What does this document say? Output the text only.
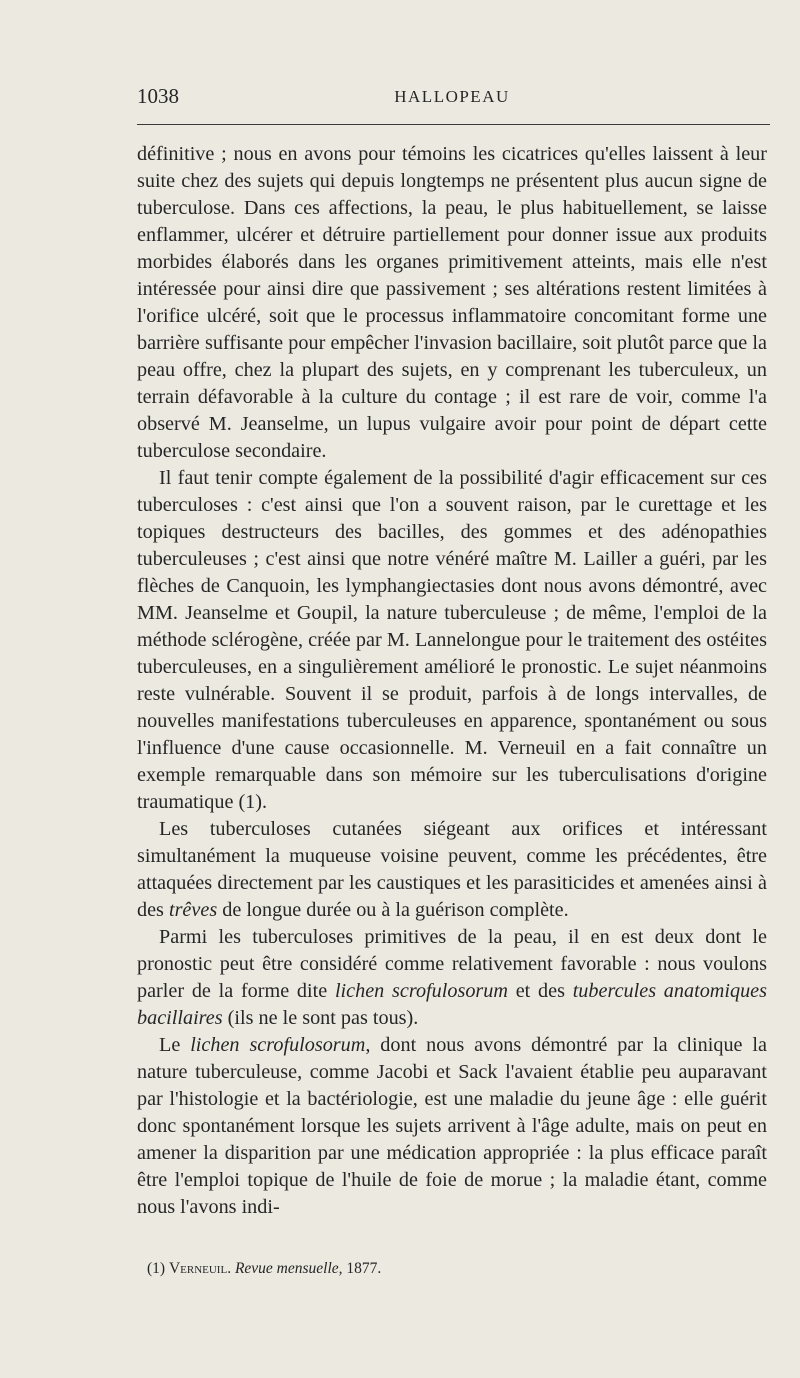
1038	HALLOPEAU

définitive ; nous en avons pour témoins les cicatrices qu'elles laissent à leur suite chez des sujets qui depuis longtemps ne présentent plus aucun signe de tuberculose. Dans ces affections, la peau, le plus habituellement, se laisse enflammer, ulcérer et détruire partiellement pour donner issue aux produits morbides élaborés dans les organes primitivement atteints, mais elle n'est intéressée pour ainsi dire que passivement ; ses altérations restent limitées à l'orifice ulcéré, soit que le processus inflammatoire concomitant forme une barrière suffisante pour empêcher l'invasion bacillaire, soit plutôt parce que la peau offre, chez la plupart des sujets, en y comprenant les tuberculeux, un terrain défavorable à la culture du contage ; il est rare de voir, comme l'a observé M. Jeanselme, un lupus vulgaire avoir pour point de départ cette tuberculose secondaire.

Il faut tenir compte également de la possibilité d'agir efficacement sur ces tuberculoses : c'est ainsi que l'on a souvent raison, par le curettage et les topiques destructeurs des bacilles, des gommes et des adénopathies tuberculeuses ; c'est ainsi que notre vénéré maître M. Lailler a guéri, par les flèches de Canquoin, les lymphangiectasies dont nous avons démontré, avec MM. Jeanselme et Goupil, la nature tuberculeuse ; de même, l'emploi de la méthode sclérogène, créée par M. Lannelongue pour le traitement des ostéites tuberculeuses, en a singulièrement amélioré le pronostic. Le sujet néanmoins reste vulnérable. Souvent il se produit, parfois à de longs intervalles, de nouvelles manifestations tuberculeuses en apparence, spontanément ou sous l'influence d'une cause occasionnelle. M. Verneuil en a fait connaître un exemple remarquable dans son mémoire sur les tuberculisations d'origine traumatique (1).

Les tuberculoses cutanées siégeant aux orifices et intéressant simultanément la muqueuse voisine peuvent, comme les précédentes, être attaquées directement par les caustiques et les parasiticides et amenées ainsi à des trêves de longue durée ou à la guérison complète.

Parmi les tuberculoses primitives de la peau, il en est deux dont le pronostic peut être considéré comme relativement favorable : nous voulons parler de la forme dite lichen scrofulosorum et des tubercules anatomiques bacillaires (ils ne le sont pas tous).

Le lichen scrofulosorum, dont nous avons démontré par la clinique la nature tuberculeuse, comme Jacobi et Sack l'avaient établie peu auparavant par l'histologie et la bactériologie, est une maladie du jeune âge : elle guérit donc spontanément lorsque les sujets arrivent à l'âge adulte, mais on peut en amener la disparition par une médication appropriée : la plus efficace paraît être l'emploi topique de l'huile de foie de morue ; la maladie étant, comme nous l'avons indi-

(1) Verneuil. Revue mensuelle, 1877.
